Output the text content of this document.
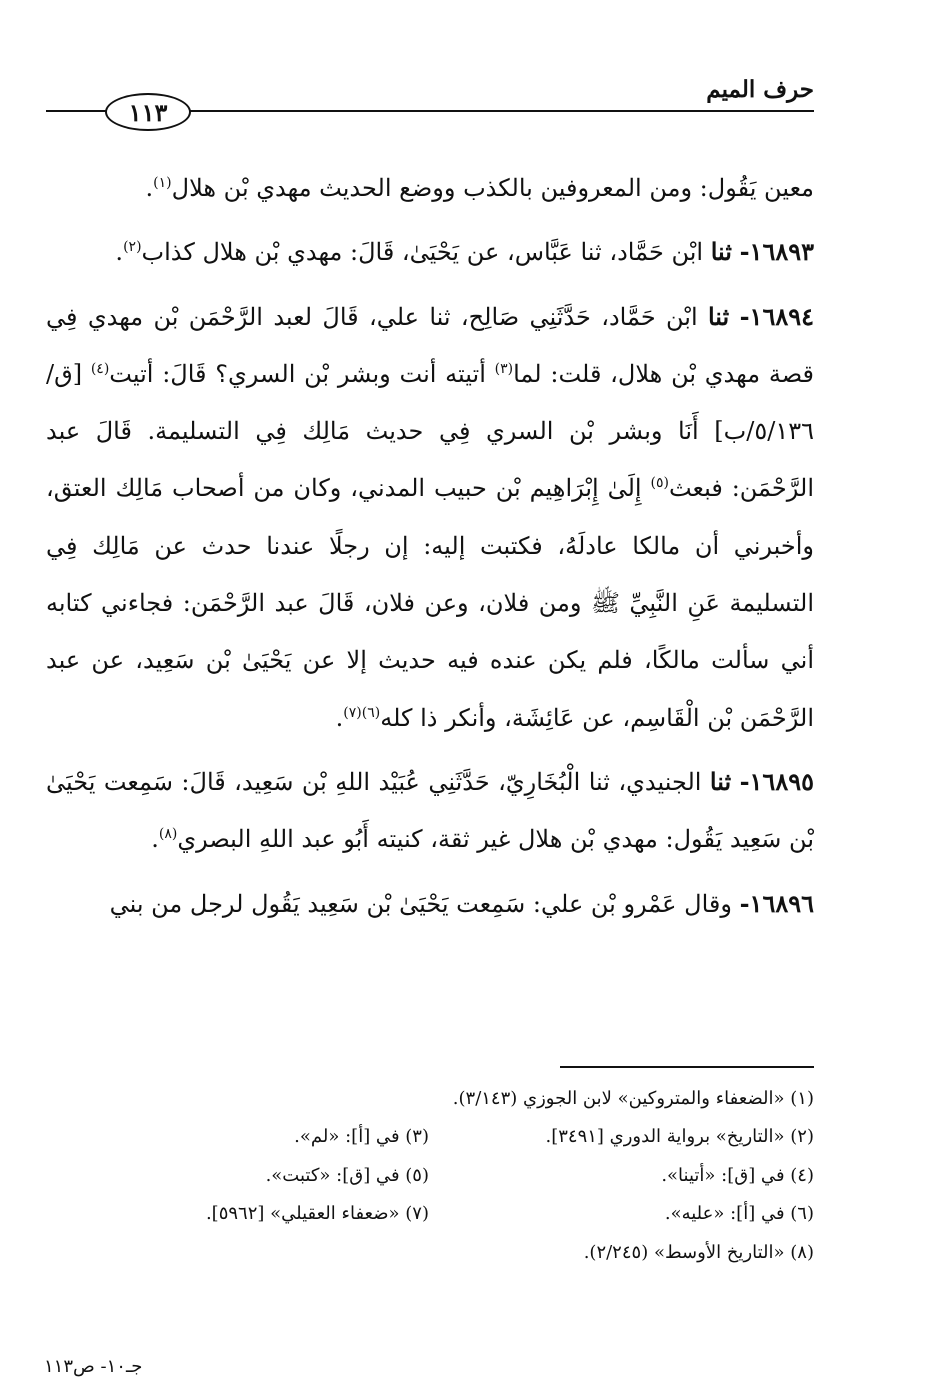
حرف الميم
١١٣

معين يَقُول: ومن المعروفين بالكذب ووضع الحديث مهدي بْن هلال$^{(١)}$.

١٦٨٩٣- ثنا ابْن حَمَّاد، ثنا عَبَّاس، عن يَحْيَىٰ، قَالَ: مهدي بْن هلال كذاب$^{(٢)}$.

١٦٨٩٤- ثنا ابْن حَمَّاد، حَدَّثَنِي صَالِح، ثنا علي، قَالَ لعبد الرَّحْمَن بْن مهدي فِي قصة مهدي بْن هلال، قلت: لما$^{(٣)}$ أتيته أنت وبشر بْن السري؟ قَالَ: أتيت$^{(٤)}$ [ق/٥/١٣٦/ب] أَنَا وبشر بْن السري فِي حديث مَالِك فِي التسليمة. قَالَ عبد الرَّحْمَن: فبعث$^{(٥)}$ إِلَىٰ إِبْرَاهِيم بْن حبيب المدني، وكان من أصحاب مَالِك العتق، وأخبرني أن مالكا عادلَهُ، فكتبت إليه: إن رجلًا عندنا حدث عن مَالِك فِي التسليمة عَنِ النَّبِيِّ ﷺ ومن فلان، وعن فلان، قَالَ عبد الرَّحْمَن: فجاءني كتابه أني سألت مالكًا، فلم يكن عنده فيه حديث إلا عن يَحْيَىٰ بْن سَعِيد، عن عبد الرَّحْمَن بْن الْقَاسِم، عن عَائِشَة، وأنكر ذا كله$^{(٦)(٧)}$.

١٦٨٩٥- ثنا الجنيدي، ثنا الْبُخَارِيّ، حَدَّثَنِي عُبَيْد اللهِ بْن سَعِيد، قَالَ: سَمِعت يَحْيَىٰ بْن سَعِيد يَقُول: مهدي بْن هلال غير ثقة، كنيته أَبُو عبد اللهِ البصري$^{(٨)}$.

١٦٨٩٦- وقال عَمْرو بْن علي: سَمِعت يَحْيَىٰ بْن سَعِيد يَقُول لرجل من بني

(١) «الضعفاء والمتروكين» لابن الجوزي (٣/١٤٣).
(٢) «التاريخ» برواية الدوري [٣٤٩١].
(٣) في [أ]: «لم».
(٤) في [ق]: «أتينا».
(٥) في [ق]: «كتبت».
(٦) في [أ]: «عليه».
(٧) «ضعفاء العقيلي» [٥٩٦٢].
(٨) «التاريخ الأوسط» (٢/٢٤٥).
جـ١٠- ص١١٣
